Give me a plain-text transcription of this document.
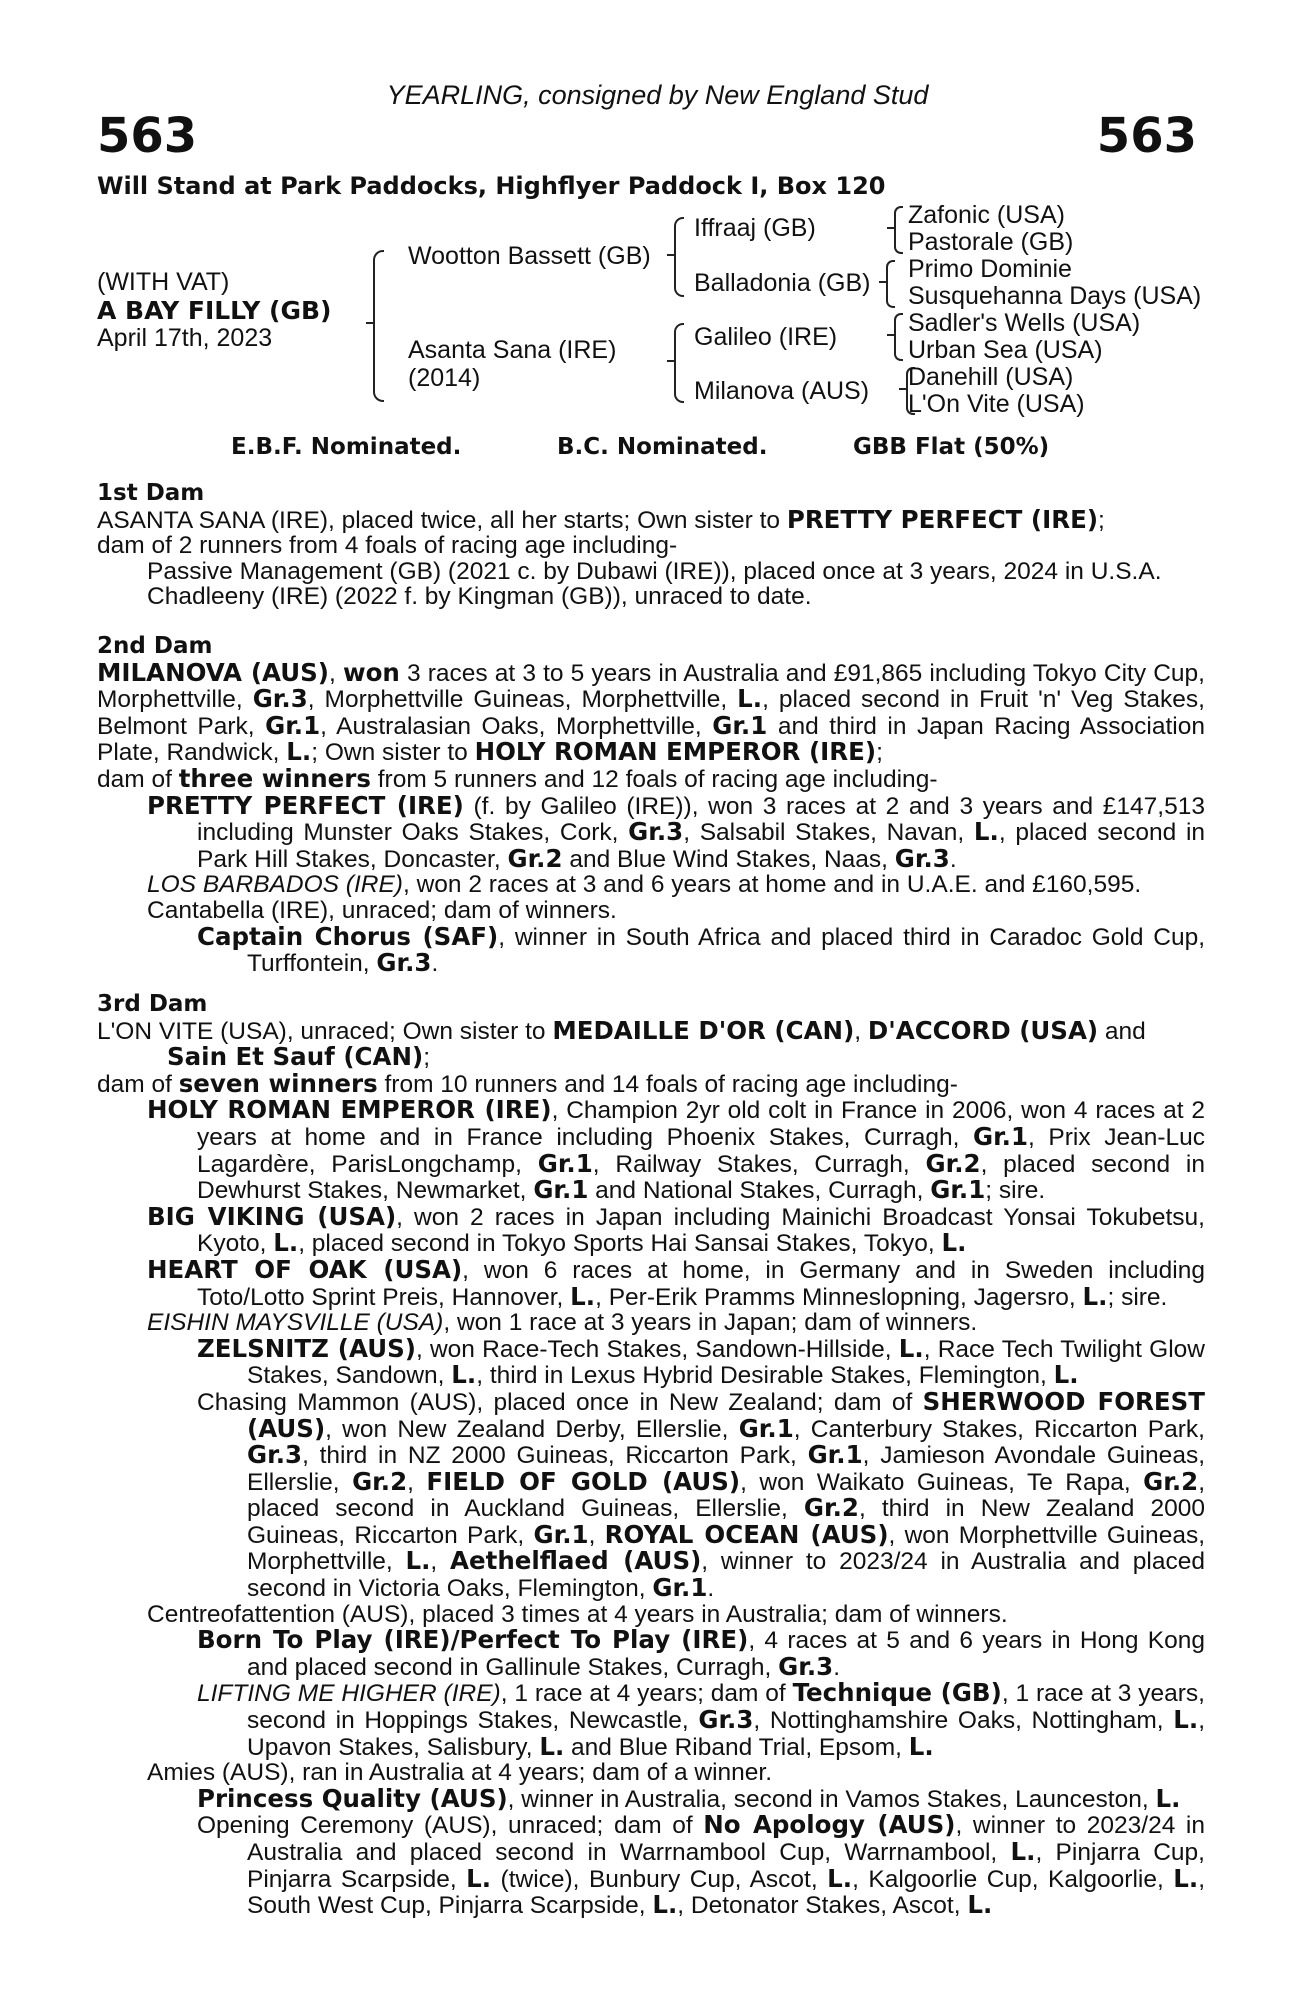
YEARLING, consigned by New England Stud
563	563
Will Stand at Park Paddocks, Highflyer Paddock I, Box 120
(WITH VAT)
A BAY FILLY (GB)
April 17th, 2023
Wootton Bassett (GB)
Asanta Sana (IRE)
(2014)
Iffraaj (GB)
Balladonia (GB)
Galileo (IRE)
Milanova (AUS)
Zafonic (USA)
Pastorale (GB)
Primo Dominie
Susquehanna Days (USA)
Sadler's Wells (USA)
Urban Sea (USA)
Danehill (USA)
L'On Vite (USA)
E.B.F. Nominated.	B.C. Nominated.	GBB Flat (50%)

1st Dam

ASANTA SANA (IRE), placed twice, all her starts; Own sister to PRETTY PERFECT (IRE);

dam of 2 runners from 4 foals of racing age including-

Passive Management (GB) (2021 c. by Dubawi (IRE)), placed once at 3 years, 2024 in U.S.A.

Chadleeny (IRE) (2022 f. by Kingman (GB)), unraced to date.

2nd Dam

MILANOVA (AUS), won 3 races at 3 to 5 years in Australia and £91,865 including Tokyo City Cup, Morphettville, Gr.3, Morphettville Guineas, Morphettville, L., placed second in Fruit 'n' Veg Stakes, Belmont Park, Gr.1, Australasian Oaks, Morphettville, Gr.1 and third in Japan Racing Association Plate, Randwick, L.; Own sister to HOLY ROMAN EMPEROR (IRE);

dam of three winners from 5 runners and 12 foals of racing age including-

PRETTY PERFECT (IRE) (f. by Galileo (IRE)), won 3 races at 2 and 3 years and £147,513 including Munster Oaks Stakes, Cork, Gr.3, Salsabil Stakes, Navan, L., placed second in Park Hill Stakes, Doncaster, Gr.2 and Blue Wind Stakes, Naas, Gr.3.

LOS BARBADOS (IRE), won 2 races at 3 and 6 years at home and in U.A.E. and £160,595.

Cantabella (IRE), unraced; dam of winners.

Captain Chorus (SAF), winner in South Africa and placed third in Caradoc Gold Cup, Turffontein, Gr.3.

3rd Dam

L'ON VITE (USA), unraced; Own sister to MEDAILLE D'OR (CAN), D'ACCORD (USA) and
Sain Et Sauf (CAN);

dam of seven winners from 10 runners and 14 foals of racing age including-

HOLY ROMAN EMPEROR (IRE), Champion 2yr old colt in France in 2006, won 4 races at 2 years at home and in France including Phoenix Stakes, Curragh, Gr.1, Prix Jean-Luc Lagardère, ParisLongchamp, Gr.1, Railway Stakes, Curragh, Gr.2, placed second in Dewhurst Stakes, Newmarket, Gr.1 and National Stakes, Curragh, Gr.1; sire.

BIG VIKING (USA), won 2 races in Japan including Mainichi Broadcast Yonsai Tokubetsu, Kyoto, L., placed second in Tokyo Sports Hai Sansai Stakes, Tokyo, L.

HEART OF OAK (USA), won 6 races at home, in Germany and in Sweden including Toto/Lotto Sprint Preis, Hannover, L., Per-Erik Pramms Minneslopning, Jagersro, L.; sire.

EISHIN MAYSVILLE (USA), won 1 race at 3 years in Japan; dam of winners.

ZELSNITZ (AUS), won Race-Tech Stakes, Sandown-Hillside, L., Race Tech Twilight Glow Stakes, Sandown, L., third in Lexus Hybrid Desirable Stakes, Flemington, L.

Chasing Mammon (AUS), placed once in New Zealand; dam of SHERWOOD FOREST (AUS), won New Zealand Derby, Ellerslie, Gr.1, Canterbury Stakes, Riccarton Park, Gr.3, third in NZ 2000 Guineas, Riccarton Park, Gr.1, Jamieson Avondale Guineas, Ellerslie, Gr.2, FIELD OF GOLD (AUS), won Waikato Guineas, Te Rapa, Gr.2, placed second in Auckland Guineas, Ellerslie, Gr.2, third in New Zealand 2000 Guineas, Riccarton Park, Gr.1, ROYAL OCEAN (AUS), won Morphettville Guineas, Morphettville, L., Aethelflaed (AUS), winner to 2023/24 in Australia and placed second in Victoria Oaks, Flemington, Gr.1.

Centreofattention (AUS), placed 3 times at 4 years in Australia; dam of winners.

Born To Play (IRE)/Perfect To Play (IRE), 4 races at 5 and 6 years in Hong Kong and placed second in Gallinule Stakes, Curragh, Gr.3.

LIFTING ME HIGHER (IRE), 1 race at 4 years; dam of Technique (GB), 1 race at 3 years, second in Hoppings Stakes, Newcastle, Gr.3, Nottinghamshire Oaks, Nottingham, L., Upavon Stakes, Salisbury, L. and Blue Riband Trial, Epsom, L.

Amies (AUS), ran in Australia at 4 years; dam of a winner.

Princess Quality (AUS), winner in Australia, second in Vamos Stakes, Launceston, L.

Opening Ceremony (AUS), unraced; dam of No Apology (AUS), winner to 2023/24 in Australia and placed second in Warrnambool Cup, Warrnambool, L., Pinjarra Cup, Pinjarra Scarpside, L. (twice), Bunbury Cup, Ascot, L., Kalgoorlie Cup, Kalgoorlie, L., South West Cup, Pinjarra Scarpside, L., Detonator Stakes, Ascot, L.
